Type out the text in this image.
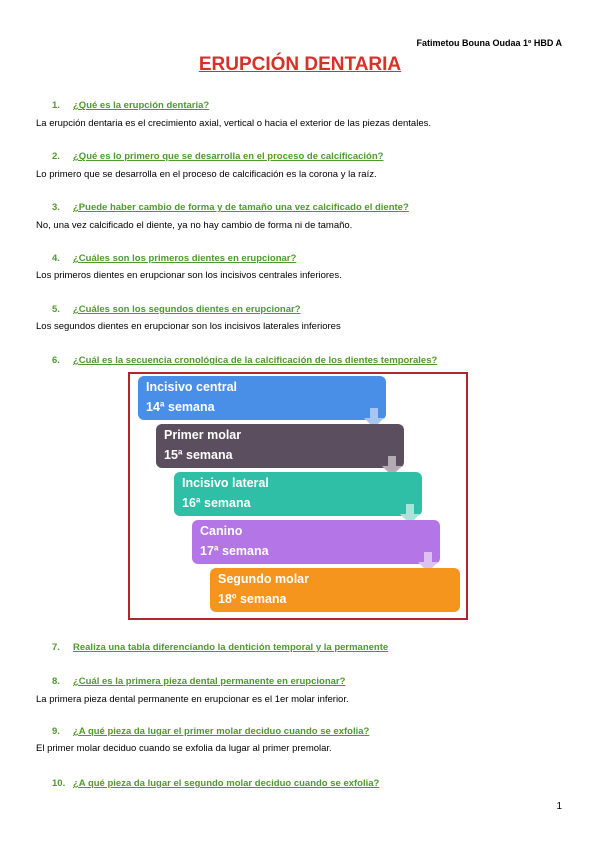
Fatimetou Bouna Oudaa 1º HBD A
ERUPCIÓN DENTARIA
1. ¿Qué es la erupción dentaria?
La erupción dentaria es el crecimiento axial, vertical o hacia el exterior de las piezas dentales.
2. ¿Qué es lo primero que se desarrolla en el proceso de calcificación?
Lo primero que se desarrolla en el proceso de calcificación es la corona y la raíz.
3. ¿Puede haber cambio de forma y de tamaño una vez calcificado el diente?
No, una vez calcificado el diente, ya no hay cambio de forma ni de tamaño.
4. ¿Cuáles son los primeros dientes en erupcionar?
Los primeros dientes en erupcionar son los incisivos centrales inferiores.
5. ¿Cuáles son los segundos dientes en erupcionar?
Los segundos dientes en erupcionar son los incisivos laterales inferiores
6. ¿Cuál es la secuencia cronológica de la calcificación de los dientes temporales?
Incisivo central
14ª semana
Primer molar
15ª semana
Incisivo lateral
16ª semana
Canino
17ª semana
Segundo molar
18º semana
7. Realiza una tabla diferenciando la dentición temporal y la permanente
8. ¿Cuál es la primera pieza dental permanente en erupcionar?
La primera pieza dental permanente en erupcionar es el 1er molar inferior.
9. ¿A qué pieza da lugar el primer molar deciduo cuando se exfolia?
El primer molar deciduo cuando se exfolia da lugar al primer premolar.
10. ¿A qué pieza da lugar el segundo molar deciduo cuando se exfolia?
1
